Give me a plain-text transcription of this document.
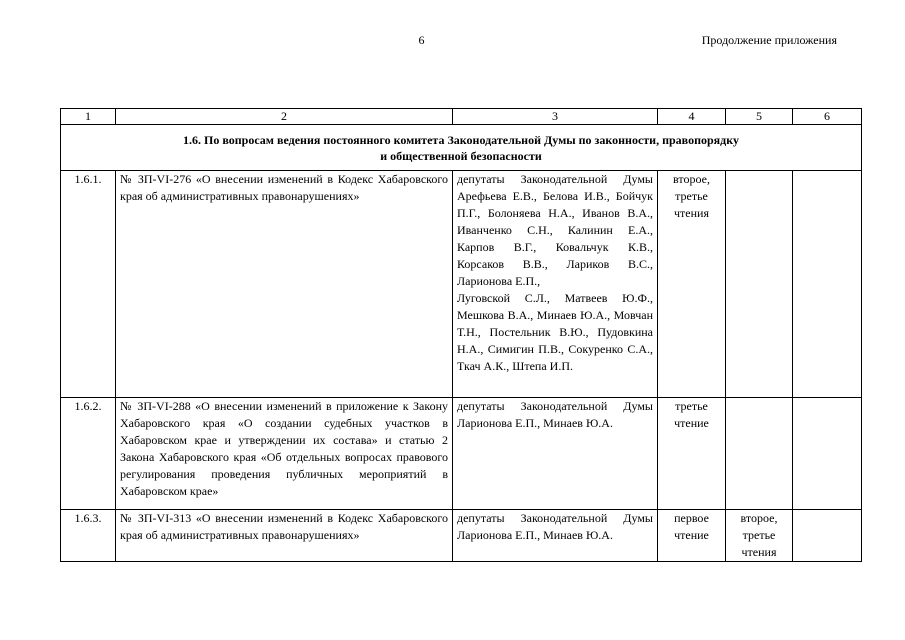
6	Продолжение приложения
1	2	3	4	5	6

1.6. По вопросам ведения постоянного комитета Законодательной Думы по законности, правопорядку
и общественной безопасности					

1.6.1.	№ ЗП-VI-276 «О внесении изменений в Кодекс Хабаровского края об административных правонарушениях»	депутаты Законодательной Думы Арефьева Е.В., Белова И.В., Бойчук П.Г., Болоняева Н.А., Иванов В.А., Иванченко С.Н., Калинин Е.А., Карпов В.Г., Ковальчук К.В., Корсаков В.В., Лариков В.С., Ларионова Е.П.,
Луговской С.Л., Матвеев Ю.Ф., Мешкова В.А., Минаев Ю.А., Мовчан Т.Н., Постельник В.Ю., Пудовкина Н.А., Симигин П.В., Сокуренко С.А., Ткач А.К., Штепа И.П.	второе, третье чтения		
1.6.2.	№ ЗП-VI-288 «О внесении изменений в приложение к Закону Хабаровского края «О создании судебных участков в Хабаровском крае и утверждении их состава» и статью 2 Закона Хабаровского края «Об отдельных вопросах правового регулирования проведения публичных мероприятий в Хабаровском крае»	депутаты Законодательной Думы Ларионова Е.П., Минаев Ю.А.	третье чтение		
1.6.3.	№ ЗП-VI-313 «О внесении изменений в Кодекс Хабаровского края об административных правонарушениях»	депутаты Законодательной Думы Ларионова Е.П., Минаев Ю.А.	первое чтение	второе, третье чтения	
